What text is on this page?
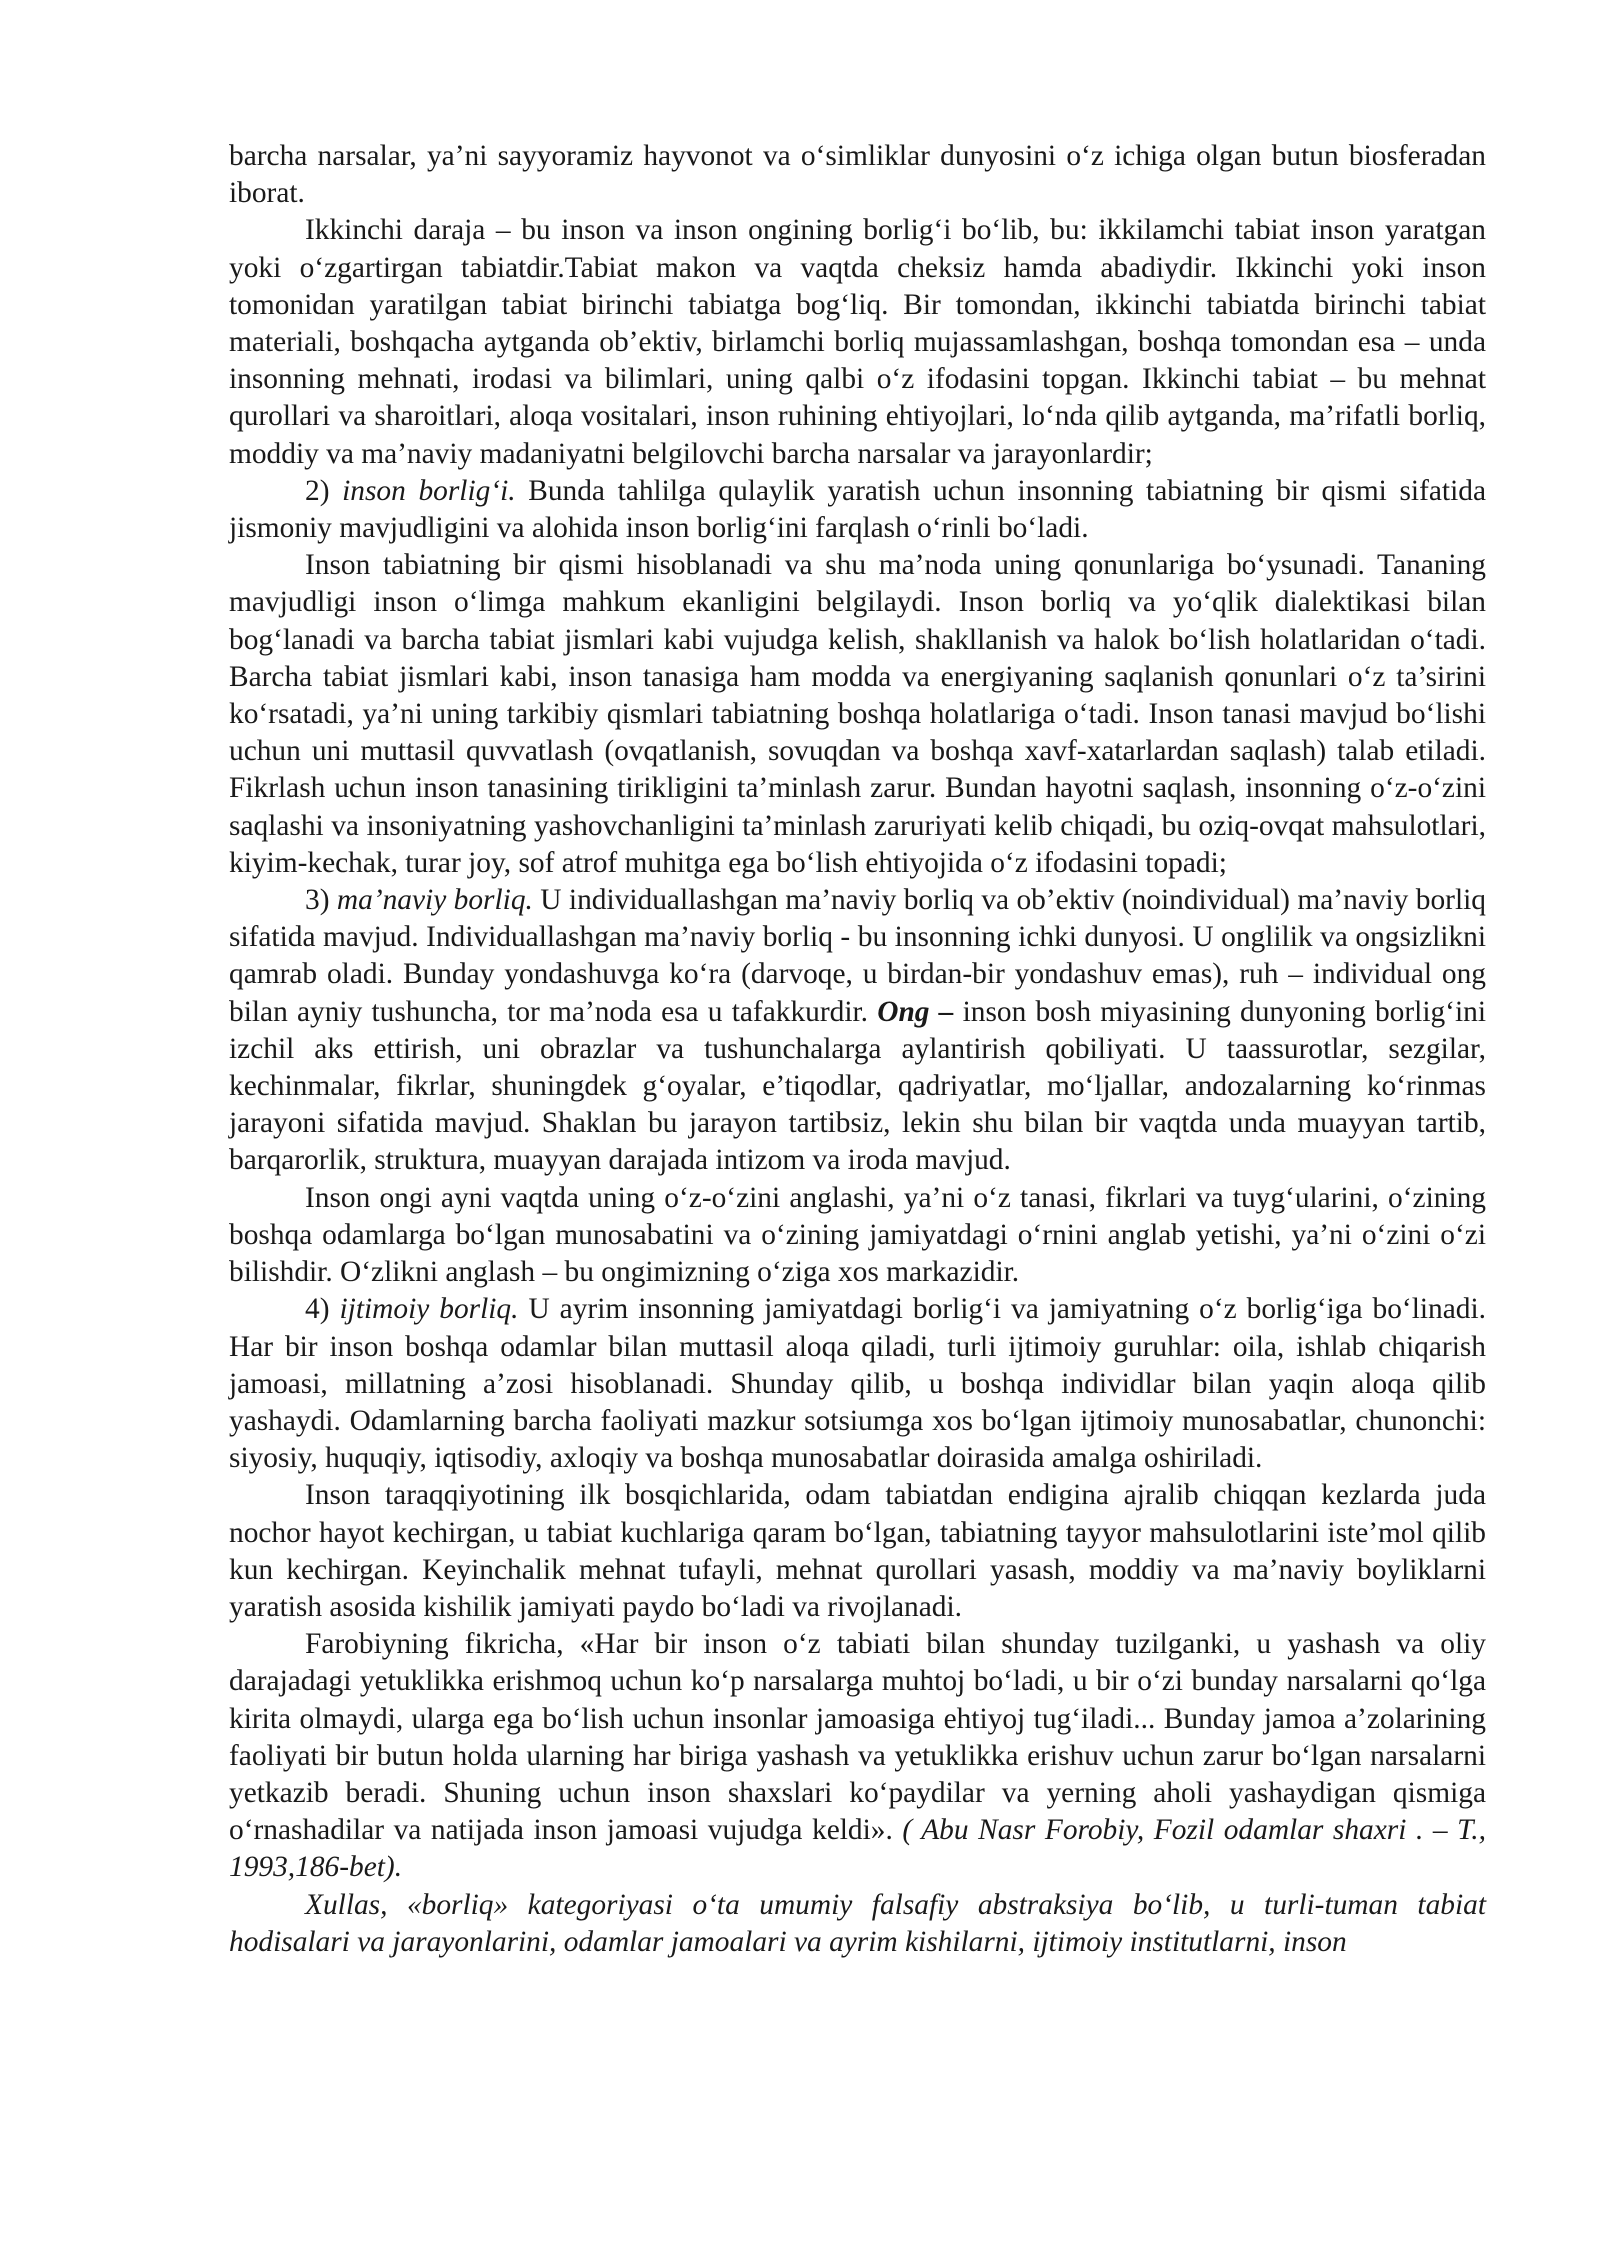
barcha narsalar, ya’ni sayyoramiz hayvonot va o‘simliklar dunyosini o‘z ichiga olgan butun biosferadan iborat.

Ikkinchi daraja – bu inson va inson ongining borlig‘i bo‘lib, bu: ikkilamchi tabiat inson yaratgan yoki o‘zgartirgan tabiatdir.Tabiat makon va vaqtda cheksiz hamda abadiydir. Ikkinchi yoki inson tomonidan yaratilgan tabiat birinchi tabiatga bog‘liq. Bir tomondan, ikkinchi tabiatda birinchi tabiat materiali, boshqacha aytganda ob’ektiv, birlamchi borliq mujassamlashgan, boshqa tomondan esa – unda insonning mehnati, irodasi va bilimlari, uning qalbi o‘z ifodasini topgan. Ikkinchi tabiat – bu mehnat qurollari va sharoitlari, aloqa vositalari, inson ruhining ehtiyojlari, lo‘nda qilib aytganda, ma’rifatli borliq, moddiy va ma’naviy madaniyatni belgilovchi barcha narsalar va jarayonlardir;

2) inson borlig‘i. Bunda tahlilga qulaylik yaratish uchun insonning tabiatning bir qismi sifatida jismoniy mavjudligini va alohida inson borlig‘ini farqlash o‘rinli bo‘ladi.

Inson tabiatning bir qismi hisoblanadi va shu ma’noda uning qonunlariga bo‘ysunadi. Tananing mavjudligi inson o‘limga mahkum ekanligini belgilaydi. Inson borliq va yo‘qlik dialektikasi bilan bog‘lanadi va barcha tabiat jismlari kabi vujudga kelish, shakllanish va halok bo‘lish holatlaridan o‘tadi. Barcha tabiat jismlari kabi, inson tanasiga ham modda va energiyaning saqlanish qonunlari o‘z ta’sirini ko‘rsatadi, ya’ni uning tarkibiy qismlari tabiatning boshqa holatlariga o‘tadi. Inson tanasi mavjud bo‘lishi uchun uni muttasil quvvatlash (ovqatlanish, sovuqdan va boshqa xavf-xatarlardan saqlash) talab etiladi. Fikrlash uchun inson tanasining tirikligini ta’minlash zarur. Bundan hayotni saqlash, insonning o‘z-o‘zini saqlashi va insoniyatning yashovchanligini ta’minlash zaruriyati kelib chiqadi, bu oziq-ovqat mahsulotlari, kiyim-kechak, turar joy, sof atrof muhitga ega bo‘lish ehtiyojida o‘z ifodasini topadi;

3) ma’naviy borliq. U individuallashgan ma’naviy borliq va ob’ektiv (noindividual) ma’naviy borliq sifatida mavjud. Individuallashgan ma’naviy borliq - bu insonning ichki dunyosi. U onglilik va ongsizlikni qamrab oladi. Bunday yondashuvga ko‘ra (darvoqe, u birdan-bir yondashuv emas), ruh – individual ong bilan ayniy tushuncha, tor ma’noda esa u tafakkurdir. Ong – inson bosh miyasining dunyoning borlig‘ini izchil aks ettirish, uni obrazlar va tushunchalarga aylantirish qobiliyati. U taassurotlar, sezgilar, kechinmalar, fikrlar, shuningdek g‘oyalar, e’tiqodlar, qadriyatlar, mo‘ljallar, andozalarning ko‘rinmas jarayoni sifatida mavjud. Shaklan bu jarayon tartibsiz, lekin shu bilan bir vaqtda unda muayyan tartib, barqarorlik, struktura, muayyan darajada intizom va iroda mavjud.

Inson ongi ayni vaqtda uning o‘z-o‘zini anglashi, ya’ni o‘z tanasi, fikrlari va tuyg‘ularini, o‘zining boshqa odamlarga bo‘lgan munosabatini va o‘zining jamiyatdagi o‘rnini anglab yetishi, ya’ni o‘zini o‘zi bilishdir. O‘zlikni anglash – bu ongimizning o‘ziga xos markazidir.

4) ijtimoiy borliq. U ayrim insonning jamiyatdagi borlig‘i va jamiyatning o‘z borlig‘iga bo‘linadi. Har bir inson boshqa odamlar bilan muttasil aloqa qiladi, turli ijtimoiy guruhlar: oila, ishlab chiqarish jamoasi, millatning a’zosi hisoblanadi. Shunday qilib, u boshqa individlar bilan yaqin aloqa qilib yashaydi. Odamlarning barcha faoliyati mazkur sotsiumga xos bo‘lgan ijtimoiy munosabatlar, chunonchi: siyosiy, huquqiy, iqtisodiy, axloqiy va boshqa munosabatlar doirasida amalga oshiriladi.

Inson taraqqiyotining ilk bosqichlarida, odam tabiatdan endigina ajralib chiqqan kezlarda juda nochor hayot kechirgan, u tabiat kuchlariga qaram bo‘lgan, tabiatning tayyor mahsulotlarini iste’mol qilib kun kechirgan. Keyinchalik mehnat tufayli, mehnat qurollari yasash, moddiy va ma’naviy boyliklarni yaratish asosida kishilik jamiyati paydo bo‘ladi va rivojlanadi.

Farobiyning fikricha, «Har bir inson o‘z tabiati bilan shunday tuzilganki, u yashash va oliy darajadagi yetuklikka erishmoq uchun ko‘p narsalarga muhtoj bo‘ladi, u bir o‘zi bunday narsalarni qo‘lga kirita olmaydi, ularga ega bo‘lish uchun insonlar jamoasiga ehtiyoj tug‘iladi... Bunday jamoa a’zolarining faoliyati bir butun holda ularning har biriga yashash va yetuklikka erishuv uchun zarur bo‘lgan narsalarni yetkazib beradi. Shuning uchun inson shaxslari ko‘paydilar va yerning aholi yashaydigan qismiga o‘rnashadilar va natijada inson jamoasi vujudga keldi». ( Abu Nasr Forobiy, Fozil odamlar shaxri . – T., 1993,186-bet).

Xullas, «borliq» kategoriyasi o‘ta umumiy falsafiy abstraksiya bo‘lib, u turli-tuman tabiat hodisalari va jarayonlarini, odamlar jamoalari va ayrim kishilarni, ijtimoiy institutlarni, inson
